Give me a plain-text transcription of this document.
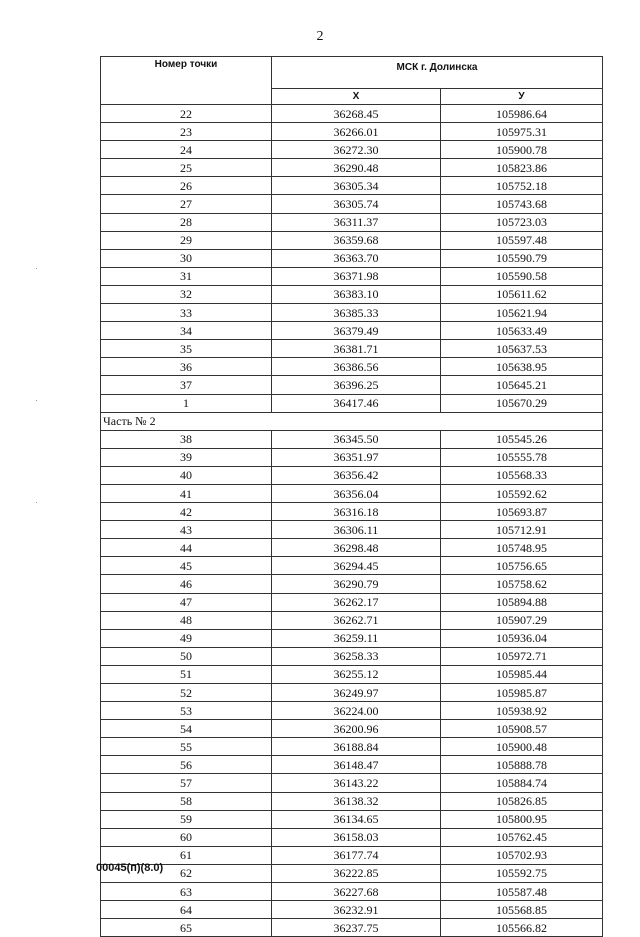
2
Номер точки	МСК г. Долинска	
	Х	У
22	36268.45	105986.64
23	36266.01	105975.31
24	36272.30	105900.78
25	36290.48	105823.86
26	36305.34	105752.18
27	36305.74	105743.68
28	36311.37	105723.03
29	36359.68	105597.48
30	36363.70	105590.79
31	36371.98	105590.58
32	36383.10	105611.62
33	36385.33	105621.94
34	36379.49	105633.49
35	36381.71	105637.53
36	36386.56	105638.95
37	36396.25	105645.21
1	36417.46	105670.29
Часть № 2		
38	36345.50	105545.26
39	36351.97	105555.78
40	36356.42	105568.33
41	36356.04	105592.62
42	36316.18	105693.87
43	36306.11	105712.91
44	36298.48	105748.95
45	36294.45	105756.65
46	36290.79	105758.62
47	36262.17	105894.88
48	36262.71	105907.29
49	36259.11	105936.04
50	36258.33	105972.71
51	36255.12	105985.44
52	36249.97	105985.87
53	36224.00	105938.92
54	36200.96	105908.57
55	36188.84	105900.48
56	36148.47	105888.78
57	36143.22	105884.74
58	36138.32	105826.85
59	36134.65	105800.95
60	36158.03	105762.45
61	36177.74	105702.93
62	36222.85	105592.75
63	36227.68	105587.48
64	36232.91	105568.85
65	36237.75	105566.82
00045(п)(8.0)
